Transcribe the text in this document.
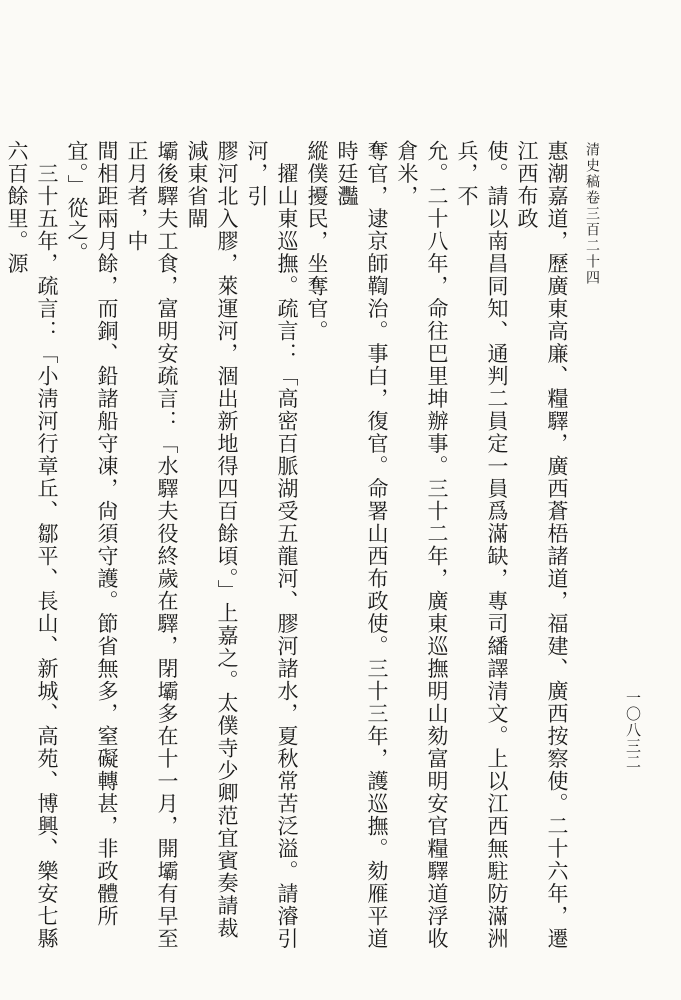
清史稿卷三百二十四
一〇八三二
惠潮嘉道，歷廣東高廉、糧驛，廣西蒼梧諸道，福建、廣西按察使。二十六年，遷江西布政
使。請以南昌同知、通判二員定一員爲滿缺，專司繙譯清文。上以江西無駐防滿洲兵，不
允。二十八年，命往巴里坤辦事。三十二年，廣東巡撫明山劾富明安官糧驛道浮收倉米，
奪官，逮京師鞫治。事白，復官。命署山西布政使。三十三年，護巡撫。劾雁平道時廷灩
縱僕擾民，坐奪官。
　擢山東巡撫。疏言：「高密百脈湖受五龍河、膠河諸水，夏秋常苦泛溢。請濬引河，引
膠河北入膠，萊運河，涸出新地得四百餘頃。」上嘉之。太僕寺少卿范宜賓奏請裁減東省閘
壩後驛夫工食，富明安疏言：「水驛夫役終歲在驛，閉壩多在十一月，開壩有早至正月者，中
間相距兩月餘，而銅、鉛諸船守凍，尙須守護。節省無多，窒礙轉甚，非政體所宜。」從之。
　三十五年，疏言：「小淸河行章丘、鄒平、長山、新城、高苑、博興、樂安七縣六百餘里。源
